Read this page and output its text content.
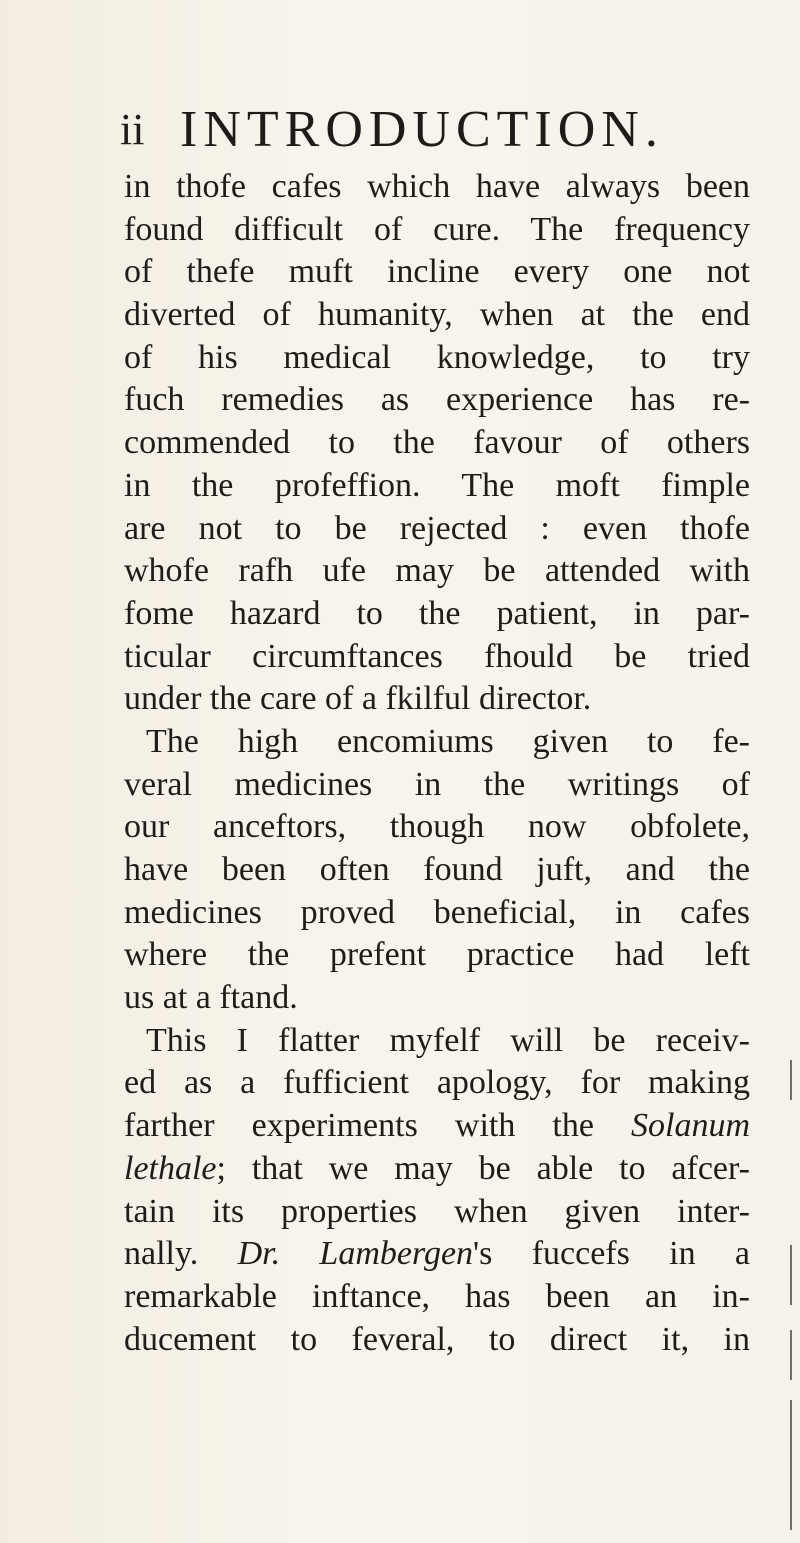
ii INTRODUCTION.
in thofe cafes which have always been
found difficult of cure. The frequency
of thefe muft incline every one not
diverted of humanity, when at the end
of his medical knowledge, to try
fuch remedies as experience has re-
commended to the favour of others
in the profeffion. The moft fimple
are not to be rejected : even thofe
whofe rafh ufe may be attended with
fome hazard to the patient, in par-
ticular circumftances fhould be tried
under the care of a fkilful director.
The high encomiums given to fe-
veral medicines in the writings of
our anceftors, though now obfolete,
have been often found juft, and the
medicines proved beneficial, in cafes
where the prefent practice had left
us at a ftand.
This I flatter myfelf will be receiv-
ed as a fufficient apology, for making
farther experiments with the Solanum
lethale; that we may be able to afcer-
tain its properties when given inter-
nally. Dr. Lambergen's fuccefs in a
remarkable inftance, has been an in-
ducement to feveral, to direct it, in
